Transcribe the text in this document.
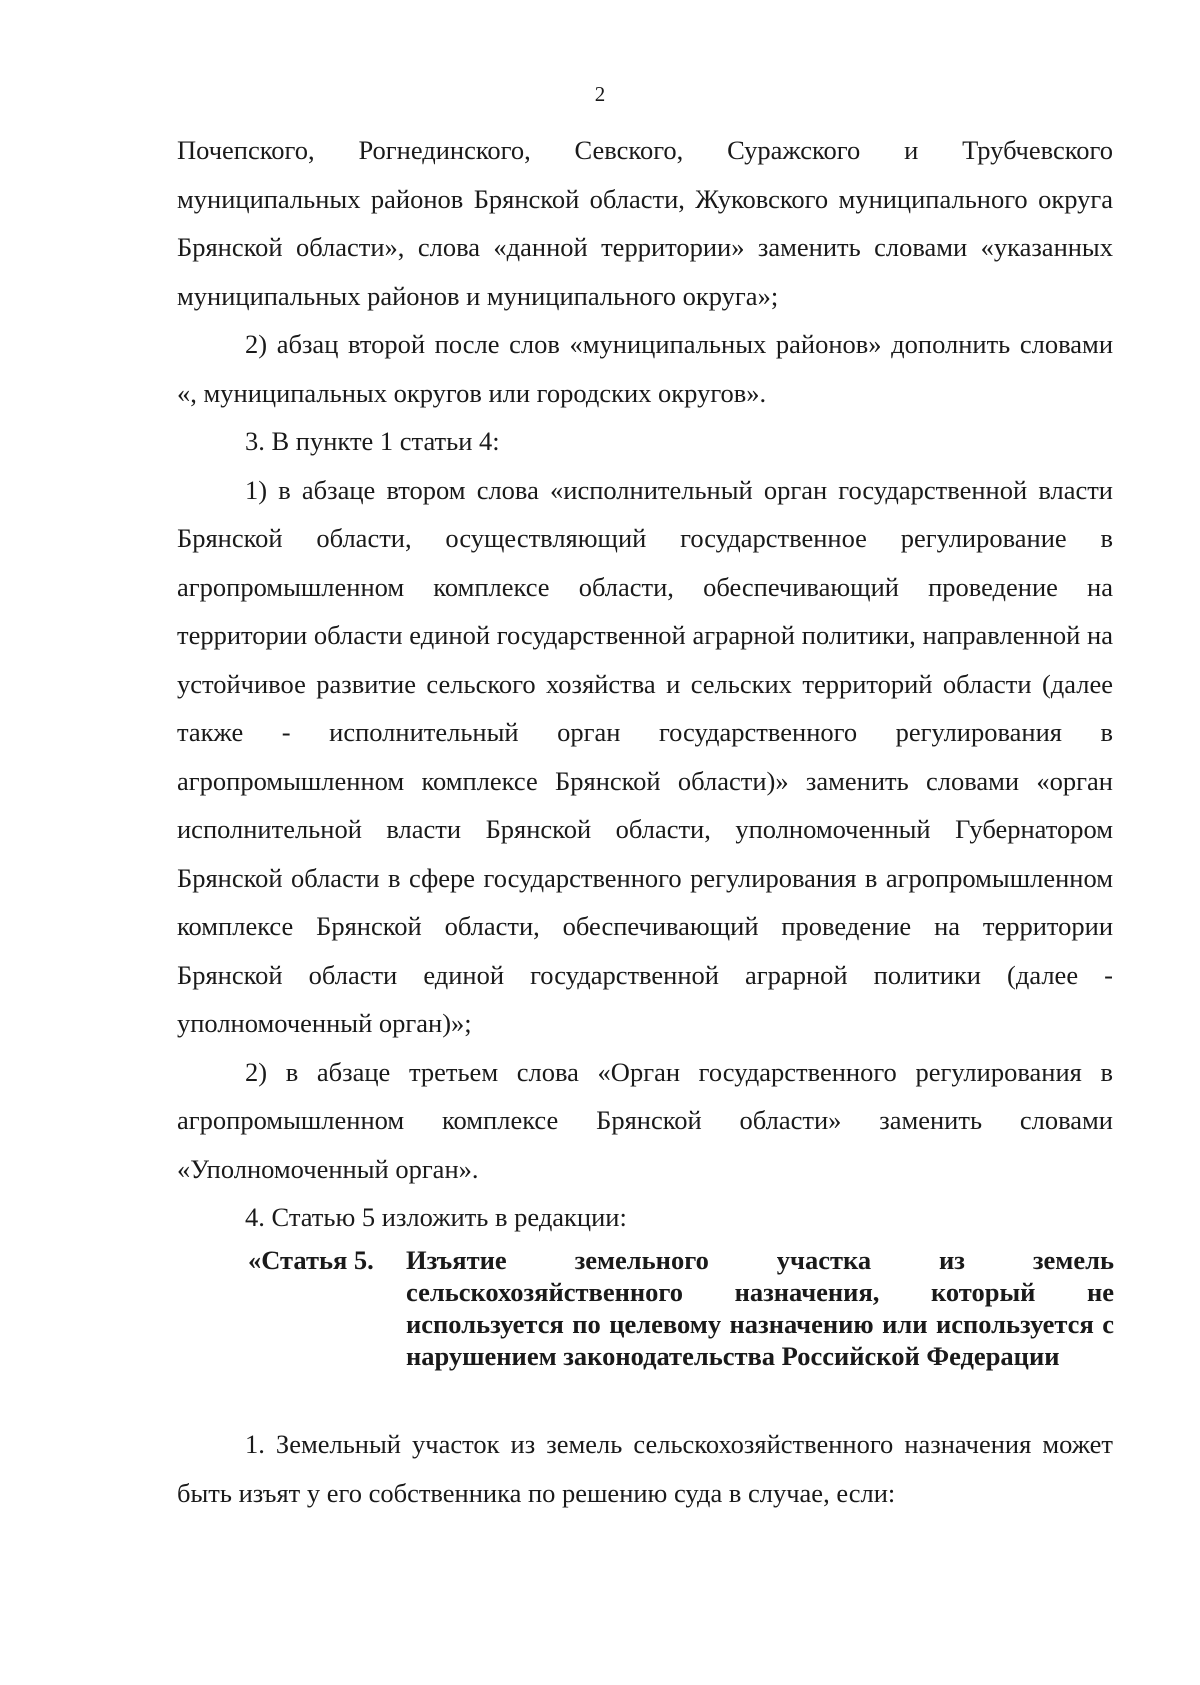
2

Почепского, Рогнединского, Севского, Суражского и Трубчевского муниципальных районов Брянской области, Жуковского муниципального округа Брянской области», слова «данной территории» заменить словами «указанных муниципальных районов и муниципального округа»;

2) абзац второй после слов «муниципальных районов» дополнить словами «, муниципальных округов или городских округов».

3. В пункте 1 статьи 4:

1) в абзаце втором слова «исполнительный орган государственной власти Брянской области, осуществляющий государственное регулирование в агропромышленном комплексе области, обеспечивающий проведение на территории области единой государственной аграрной политики, направленной на устойчивое развитие сельского хозяйства и сельских территорий области (далее также - исполнительный орган государственного регулирования в агропромышленном комплексе Брянской области)» заменить словами «орган исполнительной власти Брянской области, уполномоченный Губернатором Брянской области в сфере государственного регулирования в агропромышленном комплексе Брянской области, обеспечивающий проведение на территории Брянской области единой государственной аграрной политики (далее - уполномоченный орган)»;

2) в абзаце третьем слова «Орган государственного регулирования в агропромышленном комплексе Брянской области» заменить словами «Уполномоченный орган».

4. Статью 5 изложить в редакции:

«Статья 5.	Изъятие земельного участка из земель сельскохозяйственного назначения, который не используется по целевому назначению или используется с нарушением законодательства Российской Федерации

1. Земельный участок из земель сельскохозяйственного назначения может быть изъят у его собственника по решению суда в случае, если:
